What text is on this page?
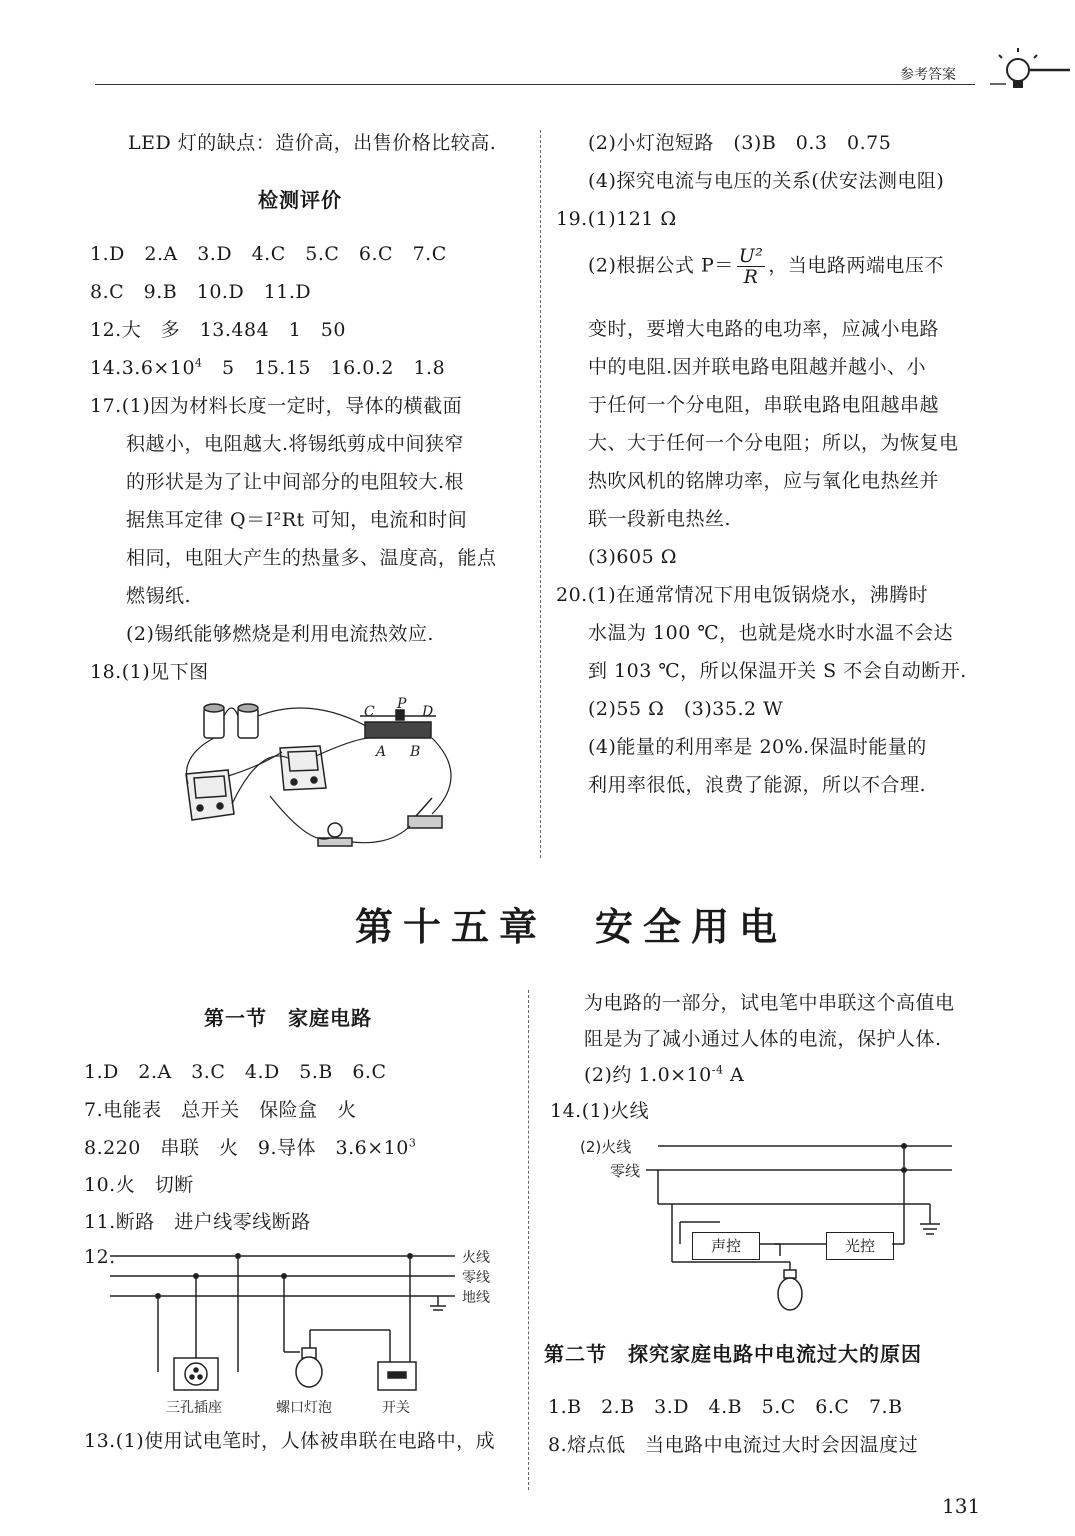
参考答案
LED 灯的缺点：造价高，出售价格比较高.
检测评价
1.D　2.A　3.D　4.C　5.C　6.C　7.C
8.C　9.B　10.D　11.D
12.大　多　13.484　1　50
$14.3.6\times 10^4$　5　15.15　16.0.2　1.8
17.(1)因为材料长度一定时，导体的横截面
积越小，电阻越大.将锡纸剪成中间狭窄
的形状是为了让中间部分的电阻较大.根
据焦耳定律 Q＝I²Rt 可知，电流和时间
相同，电阻大产生的热量多、温度高，能点
燃锡纸.
(2)锡纸能够燃烧是利用电流热效应.
18.(1)见下图
C P D
A B
(2)小灯泡短路　(3)B　0.3　0.75
(4)探究电流与电压的关系(伏安法测电阻)
19.(1)121 Ω
(2)根据公式 $P= \frac{\text{U²}}{R}$ ，当电路两端电压不
变时，要增大电路的电功率，应减小电路
中的电阻.因并联电路电阻越并越小、小
于任何一个分电阻，串联电路电阻越串越
大、大于任何一个分电阻；所以，为恢复电
热吹风机的铭牌功率，应与氧化电热丝并
联一段新电热丝.
(3)605 Ω
20.(1)在通常情况下用电饭锅烧水，沸腾时
水温为 100 ℃，也就是烧水时水温不会达
到 103 ℃，所以保温开关 S 不会自动断开.
(2)55 Ω　(3)35.2 W
(4)能量的利用率是 20%.保温时能量的
利用率很低，浪费了能源，所以不合理.
第十五章　安全用电
第一节　家庭电路
1.D　2.A　3.C　4.D　5.B　6.C
7.电能表　总开关　保险盒　火
8.220　串联　火　9.导体　$3.6\times 10^3$
10.火　切断
11.断路　进户线零线断路
12.	火线
零线
地线
三孔插座	螺口灯泡	开关
13.(1)使用试电笔时，人体被串联在电路中，成
为电路的一部分，试电笔中串联这个高值电
阻是为了减小通过人体的电流，保护人体.
(2)约 $1.0\times 10^{-4}$ A
14.(1)火线
(2)火线
零线
声控	光控
第二节　探究家庭电路中电流过大的原因
1.B　2.B　3.D　4.B　5.C　6.C　7.B
8.熔点低　当电路中电流过大时会因温度过
131
